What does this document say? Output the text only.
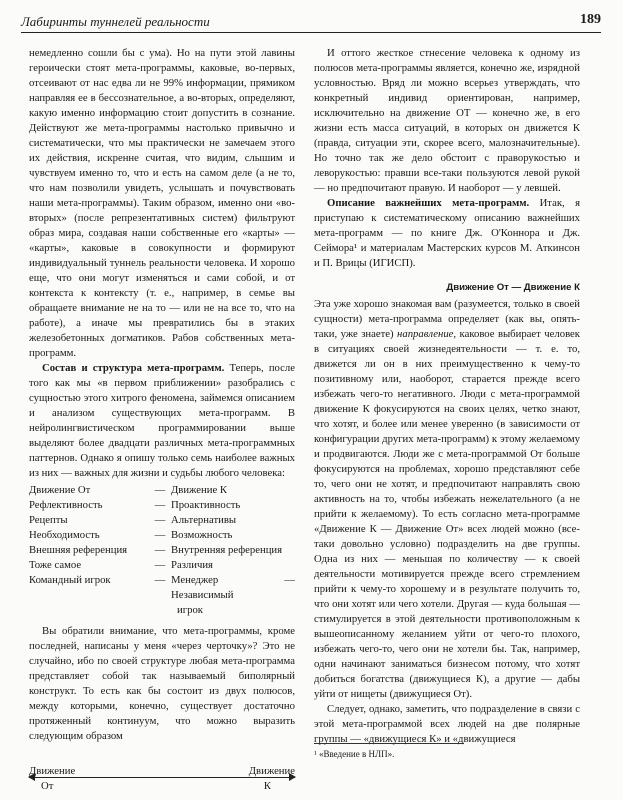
Лабиринты туннелей реальности	189

немедленно сошли бы с ума). Но на пути этой лавины героически стоят мета-программы, каковые, во-первых, отсеивают от нас едва ли не 99% информации, прямиком направляя ее в бессознательное, а во-вторых, определяют, какую именно информацию стоит допустить в сознание. Действуют же мета-программы настолько привычно и систематически, что мы практически не замечаем этого их действия, искренне считая, что видим, слышим и чувствуем именно то, что и есть на самом деле (а не то, что нам позволили увидеть, услышать и почувствовать наши мета-программы). Таким образом, именно они «во-вторых» (после репрезентативных систем) фильтруют образ мира, создавая наши собственные его «карты» — «карты», каковые в совокупности и формируют индивидуальный туннель реальности человека. И хорошо еще, что они могут изменяться и сами собой, и от контекста к контексту (т. е., например, в семье вы обращаете внимание не на то — или не на все то, что на работе), а иначе мы превратились бы в этаких железобетонных догматиков. Рабов собственных мета-программ.

Состав и структура мета-программ. Теперь, после того как мы «в первом приближении» разобрались с сущностью этого хитрого феномена, займемся описанием и анализом существующих мета-программ. В нейролингвистическом программировании выше выделяют более двадцати различных мета-программных паттернов. Однако я опишу только семь наиболее важных из них — важных для жизни и судьбы любого человека:

Движение От	— Движение К
Рефлективность	— Проактивность
Рецепты	— Альтернативы
Необходимость	— Возможность
Внешняя референция	— Внутренняя референция
Тоже самое	— Различия
Командный игрок	— Менеджер — Независимый
игрок

Вы обратили внимание, что мета-программы, кроме последней, написаны у меня «через черточку»? Это не случайно, ибо по своей структуре любая мета-программа представляет собой так называемый биполярный конструкт. То есть как бы состоит из двух полюсов, между которыми, конечно, существует достаточно протяженный континуум, что можно выразить следующим образом

Движение	Движение
От	К

И оттого жесткое стнесение человека к одному из полюсов мета-программы является, конечно же, изрядной условностью. Вряд ли можно всерьез утверждать, что конкретный индивид ориентирован, например, исключительно на движение ОТ — конечно же, в его жизни есть масса ситуаций, в которых он движется К (правда, ситуации эти, скорее всего, малозначительные). Но точно так же дело обстоит с праворукостью и леворукостью: правши все-таки пользуются левой рукой — но предпочитают правую. И наоборот — у левшей.

Описание важнейших мета-программ. Итак, я приступаю к систематическому описанию важнейших мета-программ — по книге Дж. О'Коннора и Дж. Сеймора¹ и материалам Мастерских курсов М. Аткинсон и П. Врицы (ИГИСП).

Движение От — Движение К

Эта уже хорошо знакомая вам (разумеется, только в своей сущности) мета-программа определяет (как вы, опять-таки, уже знаете) направление, каковое выбирает человек в ситуациях своей жизнедеятельности — т. е. то, движется ли он в них преимущественно к чему-то позитивному или, наоборот, старается прежде всего избежать чего-то негативного. Люди с мета-программой движение К фокусируются на своих целях, четко знают, что хотят, и более или менее уверенно (в зависимости от конфигурации других мета-программ) к этому желаемому и продвигаются. Люди же с мета-программой От больше фокусируются на проблемах, хорошо представляют себе то, чего они не хотят, и предпочитают направлять свою активность на то, чтобы избежать нежелательного (а не прийти к желаемому). То есть согласно мета-программе «Движение К — Движение От» всех людей можно (все-таки довольно условно) подразделить на две группы. Одна из них — меньшая по количеству — к своей деятельности мотивируется прежде всего стремлением прийти к чему-то хорошему и в результате получить то, что они хотят или чего хотели. Другая — куда большая — стимулируется в этой деятельности противоположным к вышеописанному желанием уйти от чего-то плохого, избежать чего-то, чего они не хотели бы. Так, например, одни начинают заниматься бизнесом потому, что хотят добиться богатства (движущиеся К), а другие — дабы уйти от нищеты (движущиеся От).

Следует, однако, заметить, что подразделение в связи с этой мета-программой всех людей на две полярные группы — «движущиеся К» и «движущиеся

¹ «Введение в НЛП».
